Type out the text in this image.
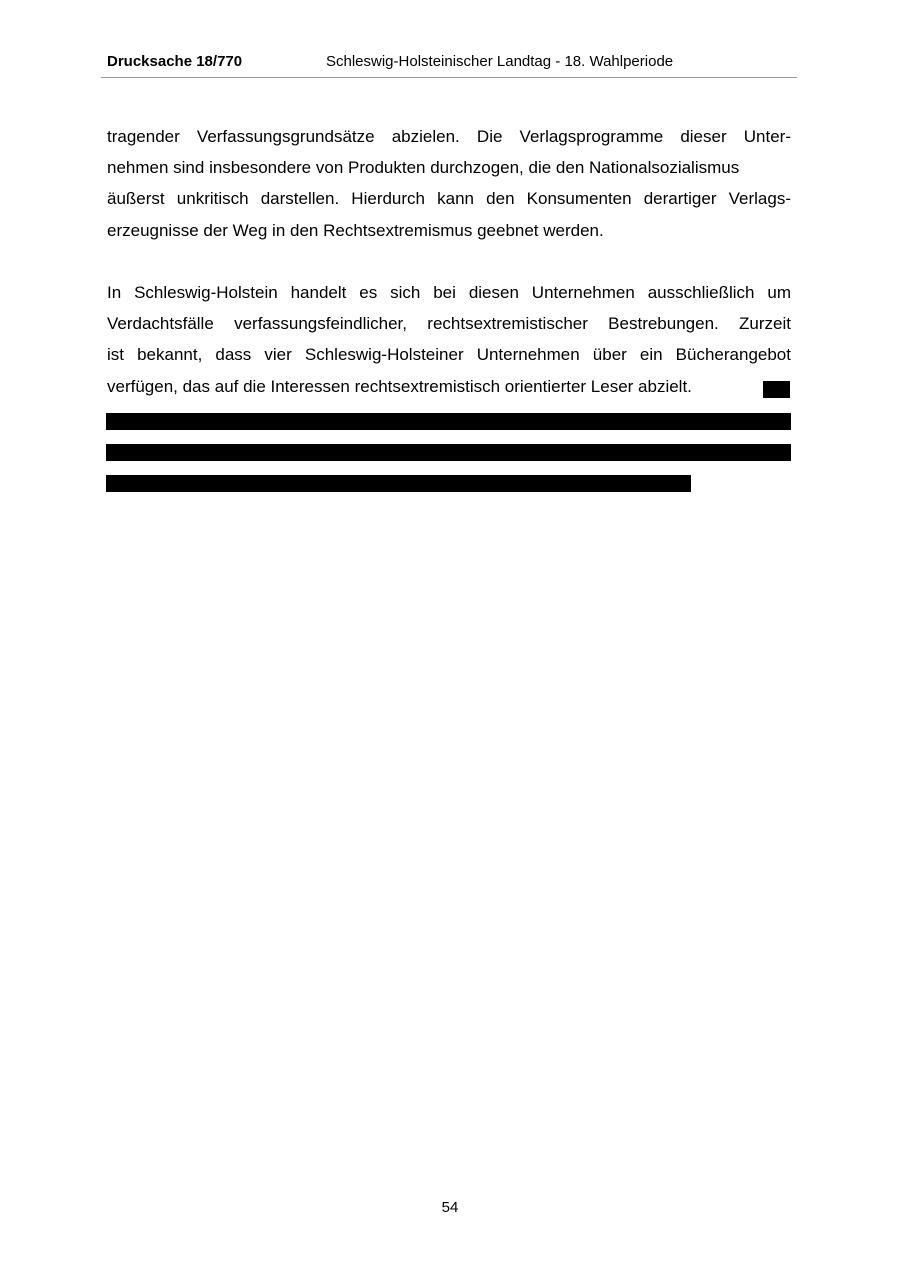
Drucksache 18/770	Schleswig-Holsteinischer Landtag - 18. Wahlperiode
tragender Verfassungsgrundsätze abzielen. Die Verlagsprogramme dieser Unter-
nehmen sind insbesondere von Produkten durchzogen, die den Nationalsozialismus
äußerst unkritisch darstellen. Hierdurch kann den Konsumenten derartiger Verlags-
erzeugnisse der Weg in den Rechtsextremismus geebnet werden.
In Schleswig-Holstein handelt es sich bei diesen Unternehmen ausschließlich um
Verdachtsfälle verfassungsfeindlicher, rechtsextremistischer Bestrebungen. Zurzeit
ist bekannt, dass vier Schleswig-Holsteiner Unternehmen über ein Bücherangebot
verfügen, das auf die Interessen rechtsextremistisch orientierter Leser abzielt.
54
